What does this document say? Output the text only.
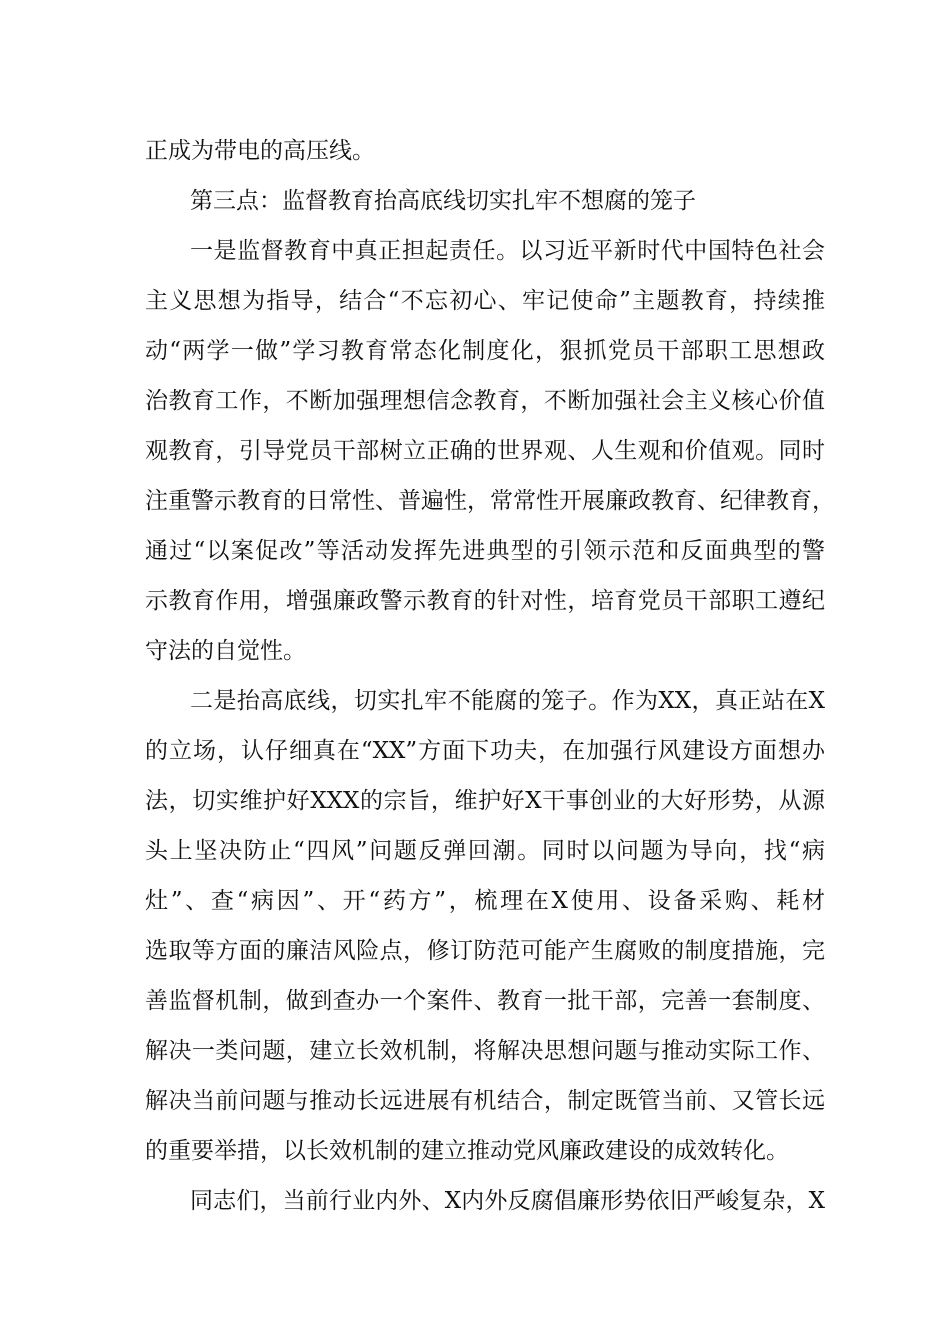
正成为带电的高压线。
第三点：监督教育抬高底线切实扎牢不想腐的笼子
一是监督教育中真正担起责任。以习近平新时代中国特色社会
主义思想为指导，结合“不忘初心、牢记使命”主题教育，持续推
动“两学一做”学习教育常态化制度化，狠抓党员干部职工思想政
治教育工作，不断加强理想信念教育，不断加强社会主义核心价值
观教育，引导党员干部树立正确的世界观、人生观和价值观。同时
注重警示教育的日常性、普遍性，常常性开展廉政教育、纪律教育，
通过“以案促改”等活动发挥先进典型的引领示范和反面典型的警
示教育作用，增强廉政警示教育的针对性，培育党员干部职工遵纪
守法的自觉性。
二是抬高底线，切实扎牢不能腐的笼子。作为XX，真正站在X
的立场，认仔细真在“XX”方面下功夫，在加强行风建设方面想办
法，切实维护好XXX的宗旨，维护好X干事创业的大好形势，从源
头上坚决防止“四风”问题反弹回潮。同时以问题为导向，找“病
灶”、查“病因”、开“药方”，梳理在X使用、设备采购、耗材
选取等方面的廉洁风险点，修订防范可能产生腐败的制度措施，完
善监督机制，做到查办一个案件、教育一批干部，完善一套制度、
解决一类问题，建立长效机制，将解决思想问题与推动实际工作、
解决当前问题与推动长远进展有机结合，制定既管当前、又管长远
的重要举措，以长效机制的建立推动党风廉政建设的成效转化。
同志们，当前行业内外、X内外反腐倡廉形势依旧严峻复杂，X
